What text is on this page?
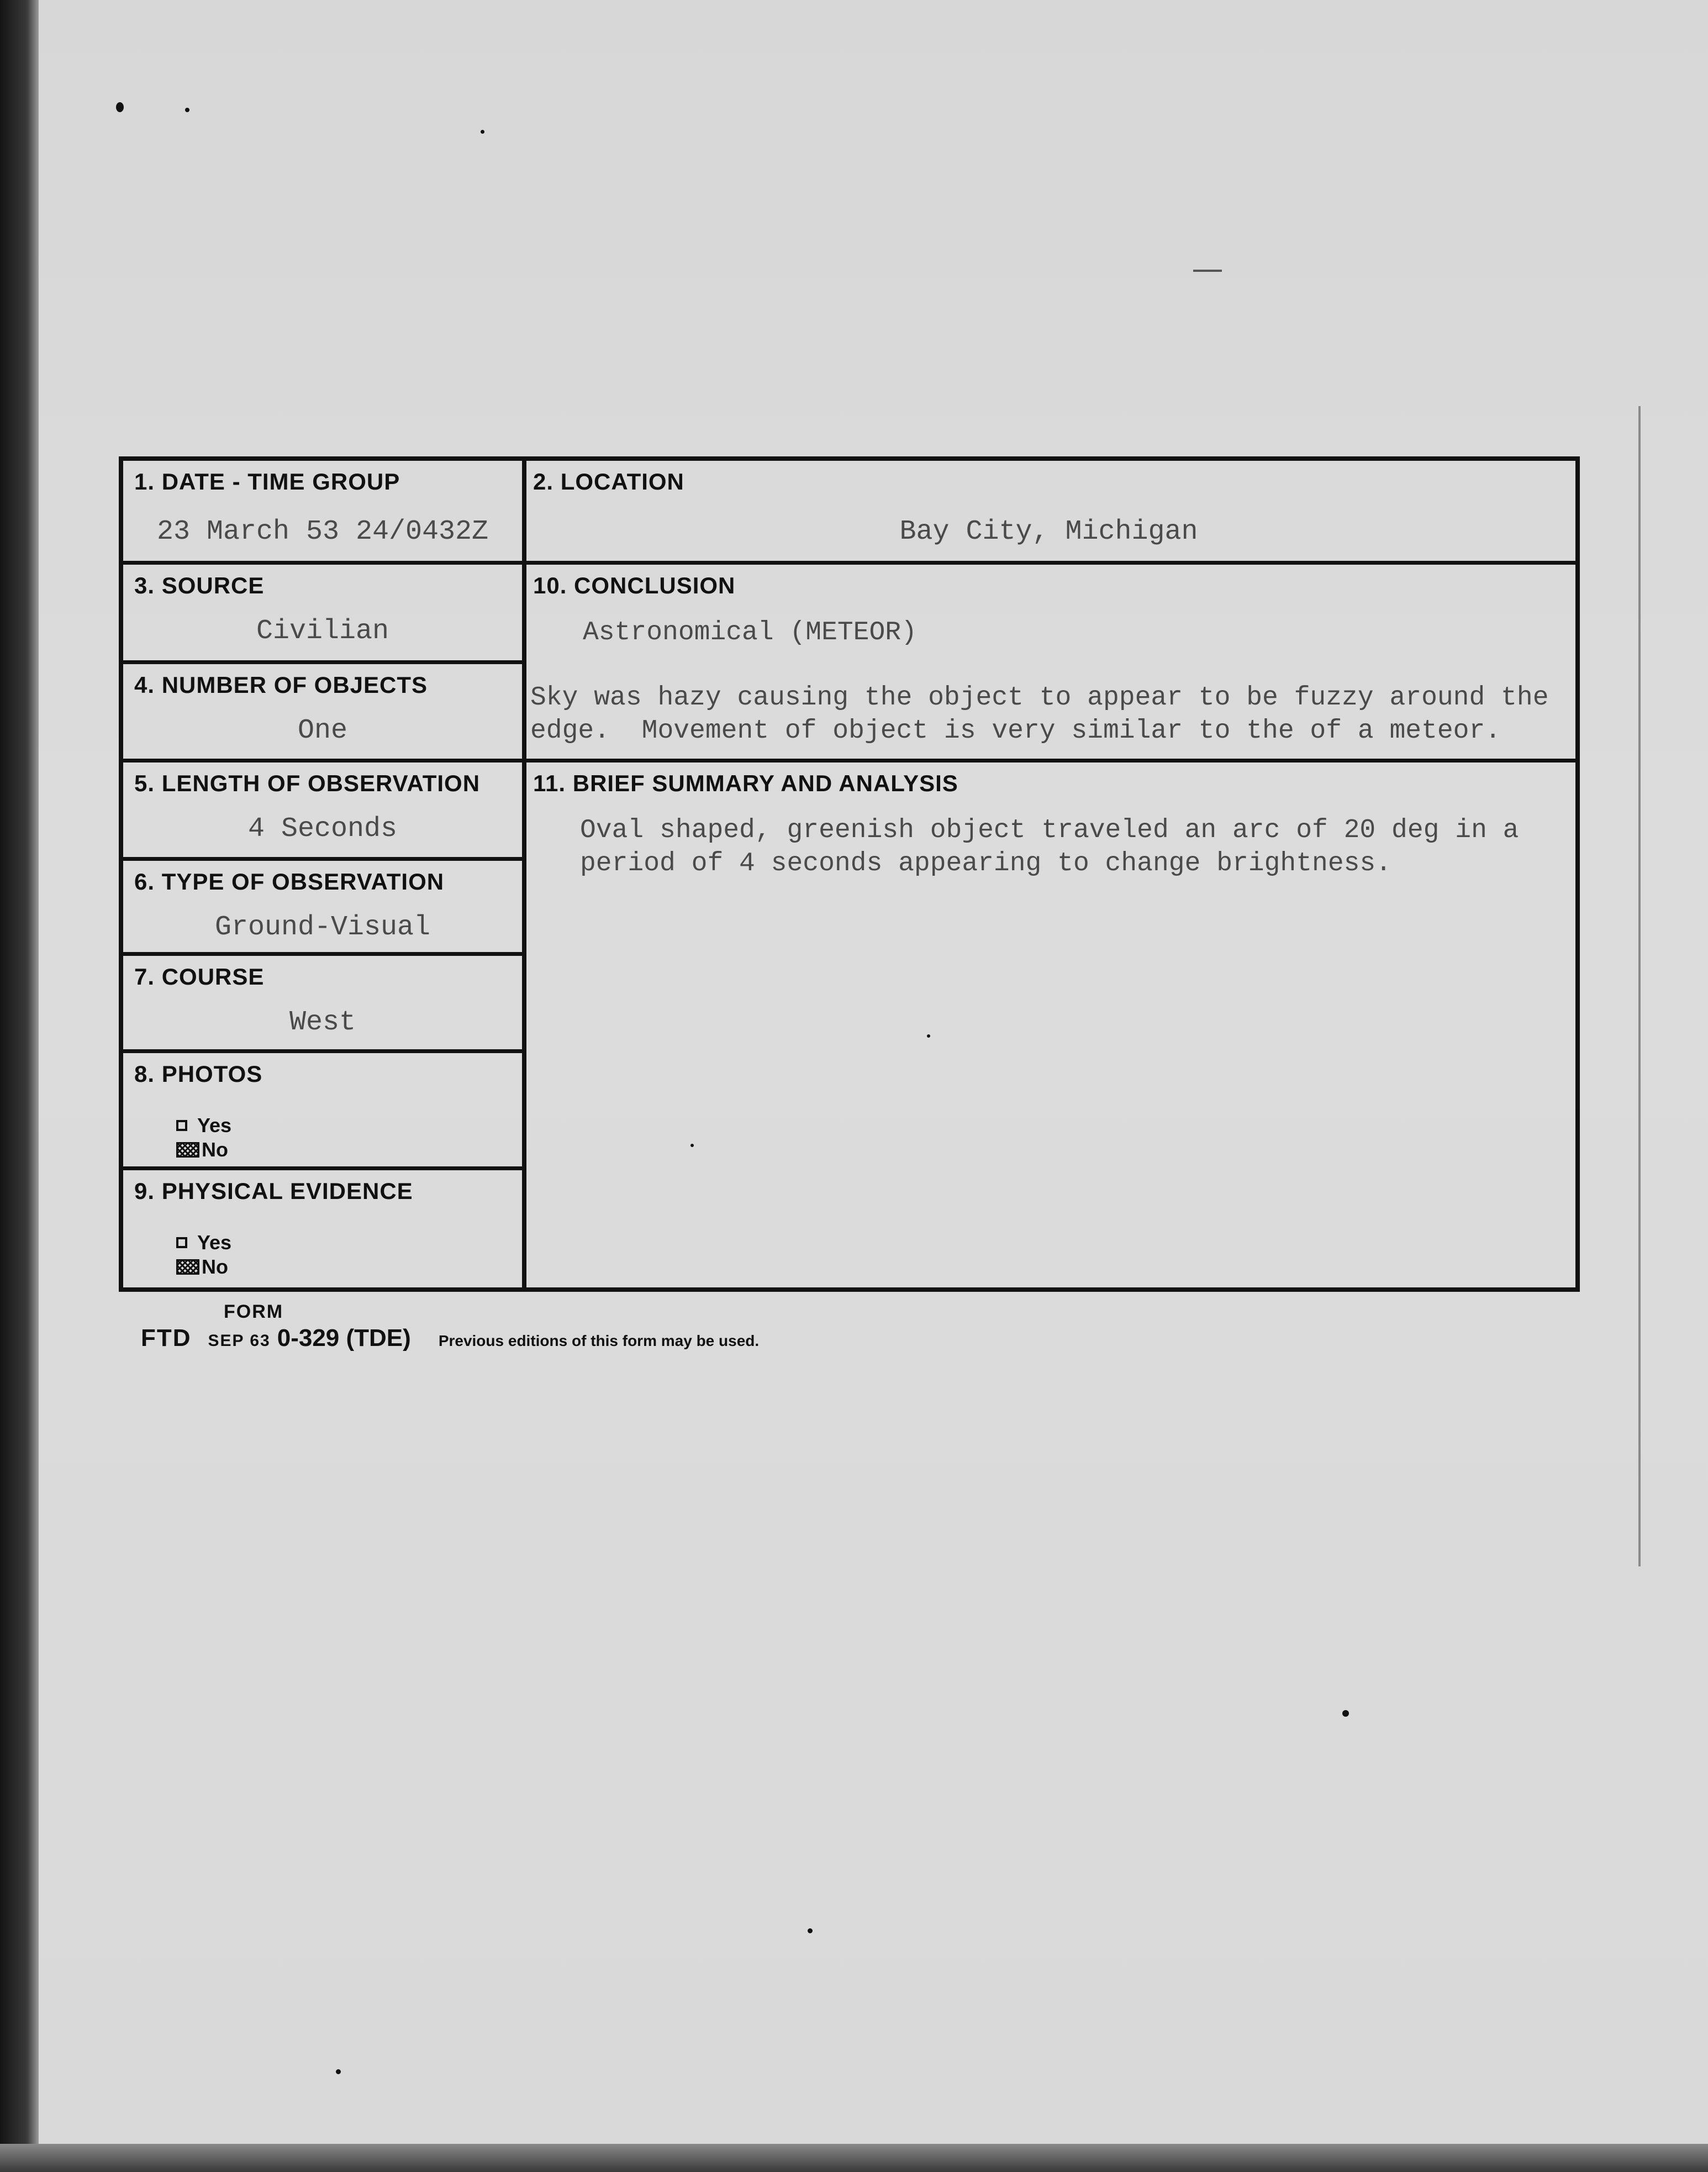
1. DATE - TIME GROUP
23 March 53 24/0432Z
3. SOURCE
Civilian
4. NUMBER OF OBJECTS
One
5. LENGTH OF OBSERVATION
4 Seconds
6. TYPE OF OBSERVATION
Ground-Visual
7. COURSE
West
8. PHOTOS
Yes
No
9. PHYSICAL EVIDENCE
Yes
No
2. LOCATION
Bay City, Michigan
10. CONCLUSION
Astronomical (METEOR)
Sky was hazy causing the object to appear to be fuzzy around the
edge.  Movement of object is very similar to the of a meteor.
11. BRIEF SUMMARY AND ANALYSIS
Oval shaped, greenish object traveled an arc of 20 deg in a
period of 4 seconds appearing to change brightness.
FORM
FTD SEP 63 0-329 (TDE) Previous editions of this form may be used.
